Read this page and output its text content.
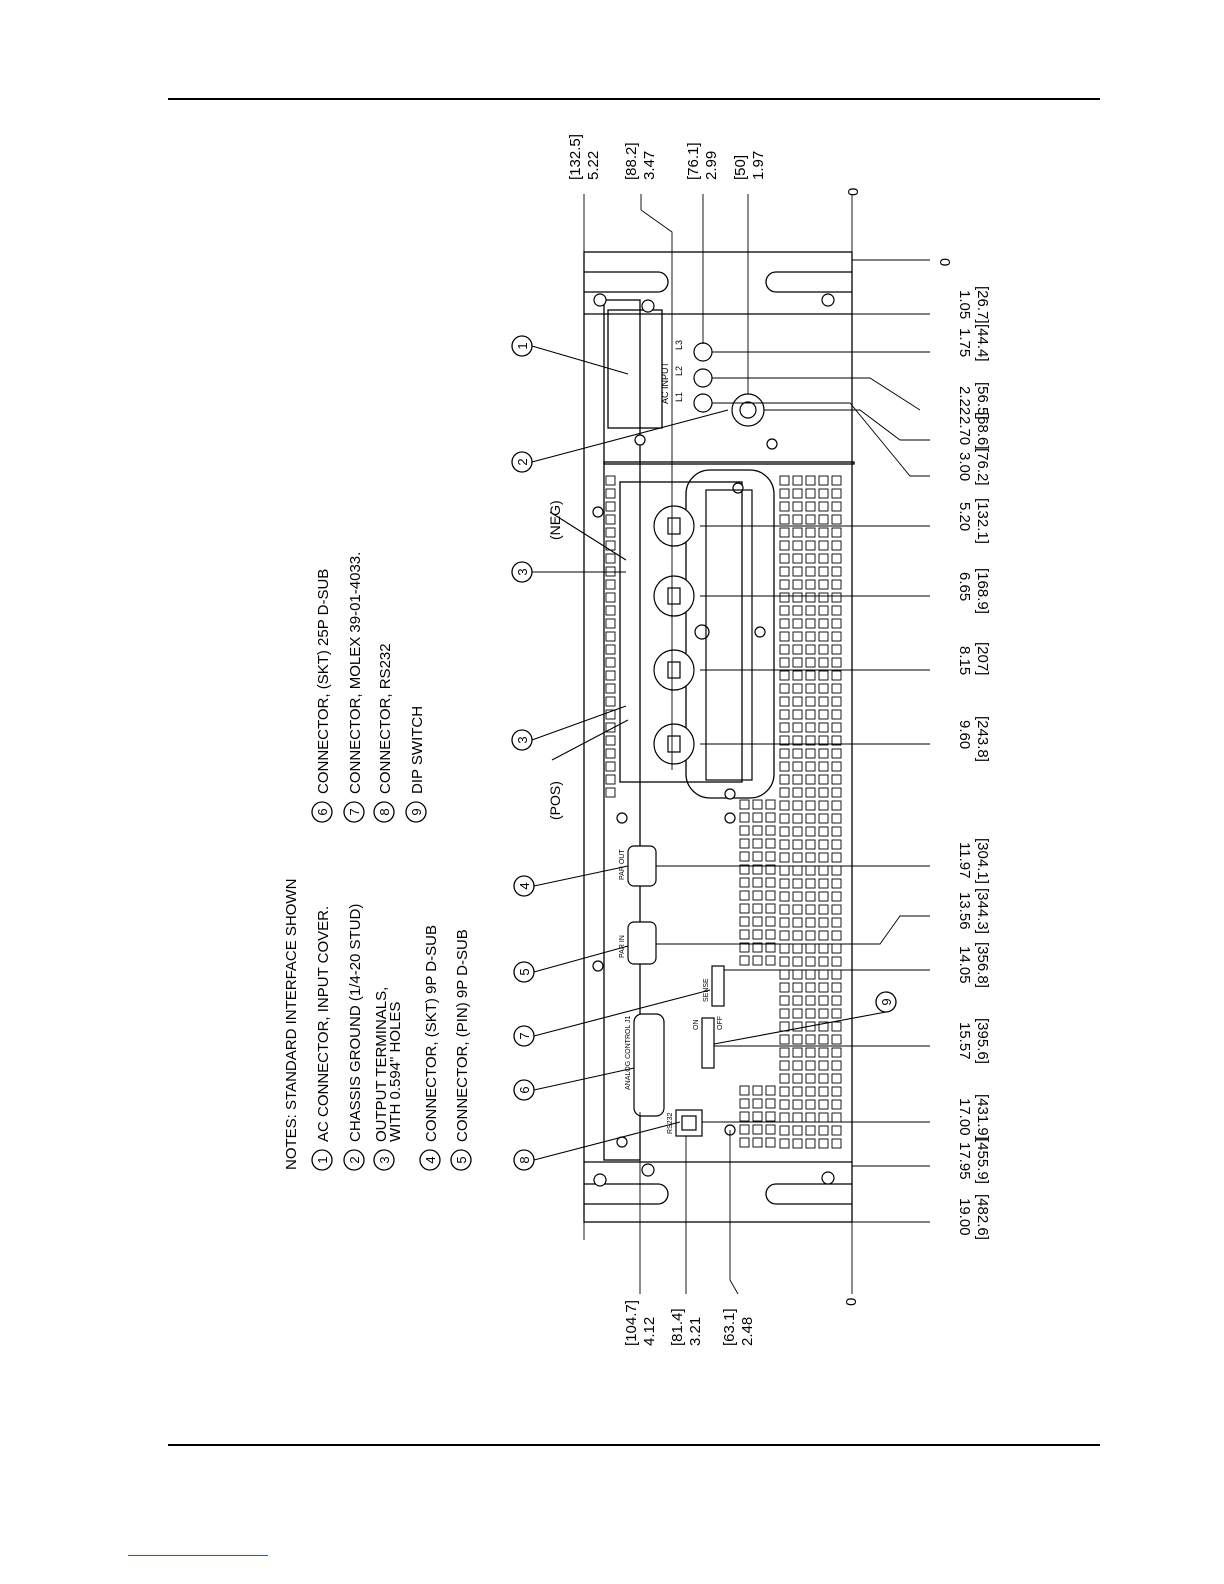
NOTES: STANDARD INTERFACE SHOWN 1
AC CONNECTOR, INPUT COVER.
2
CHASSIS GROUND (1/4-20 STUD)
3
OUTPUT TERMINALS,
WITH 0.594" HOLES
4
CONNECTOR, (SKT) 9P D-SUB
5
CONNECTOR, (PIN) 9P D-SUB
6
CONNECTOR, (SKT) 25P D-SUB
7
CONNECTOR, MOLEX 39-01-4033.
8
CONNECTOR, RS232
9
DIP SWITCH
AC INPUT
L3
L2
L1
PAR OUT
PAR IN
ANALOG CONTROL J1
SENSE
RS232
ON OFF
1
2
3
3
4
5
7
6
8
9
(NEG)
(POS)
[132.5] 5.22 [88.2] 3.47 [76.1] 2.99 [50] 1.97
0
[26.7]
1.05
[44.4]
1.75
[56.5]
2.22
[68.6]
2.70
[76.2]
3.00
[132.1]
5.20
[168.9]
6.65
[207]
8.15
[243.8]
9.60
[304.1]
11.97
[344.3]
13.56
[356.8]
14.05
[395.6]
15.57
[431.9]
17.00
[455.9]
17.95
[482.6]
19.00
0
[104.7] 4.12 [81.4] 3.21 [63.1] 2.48
0
